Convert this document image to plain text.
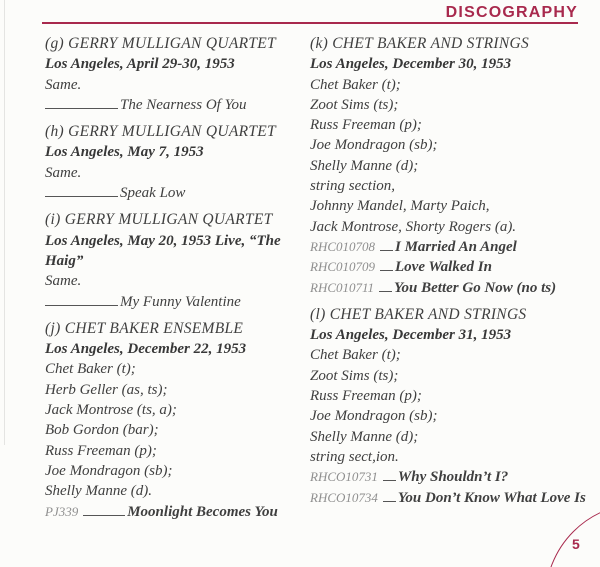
DISCOGRAPHY
(g) GERRY MULLIGAN QUARTET
Los Angeles, April 29-30, 1953
Same.
The Nearness Of You
(h) GERRY MULLIGAN QUARTET
Los Angeles, May 7, 1953
Same.
Speak Low
(i) GERRY MULLIGAN QUARTET
Los Angeles, May 20, 1953 Live, “The Haig”
Same.
My Funny Valentine
(j) CHET BAKER ENSEMBLE
Los Angeles, December 22, 1953
Chet Baker (t);
Herb Geller (as, ts);
Jack Montrose (ts, a);
Bob Gordon (bar);
Russ Freeman (p);
Joe Mondragon (sb);
Shelly Manne (d).
PJ339	Moonlight Becomes You
(k) CHET BAKER AND STRINGS
Los Angeles, December 30, 1953
Chet Baker (t);
Zoot Sims (ts);
Russ Freeman (p);
Joe Mondragon (sb);
Shelly Manne (d);
string section,
Johnny Mandel, Marty Paich,
Jack Montrose, Shorty Rogers (a).
RHC010708 I Married An Angel
RHC010709 Love Walked In
RHC010711 You Better Go Now (no ts)
(l) CHET BAKER AND STRINGS
Los Angeles, December 31, 1953
Chet Baker (t);
Zoot Sims (ts);
Russ Freeman (p);
Joe Mondragon (sb);
Shelly Manne (d);
string sect,ion.
RHCO10731 Why Shouldn’t I?
RHCO10734 You Don’t Know What Love Is
5
